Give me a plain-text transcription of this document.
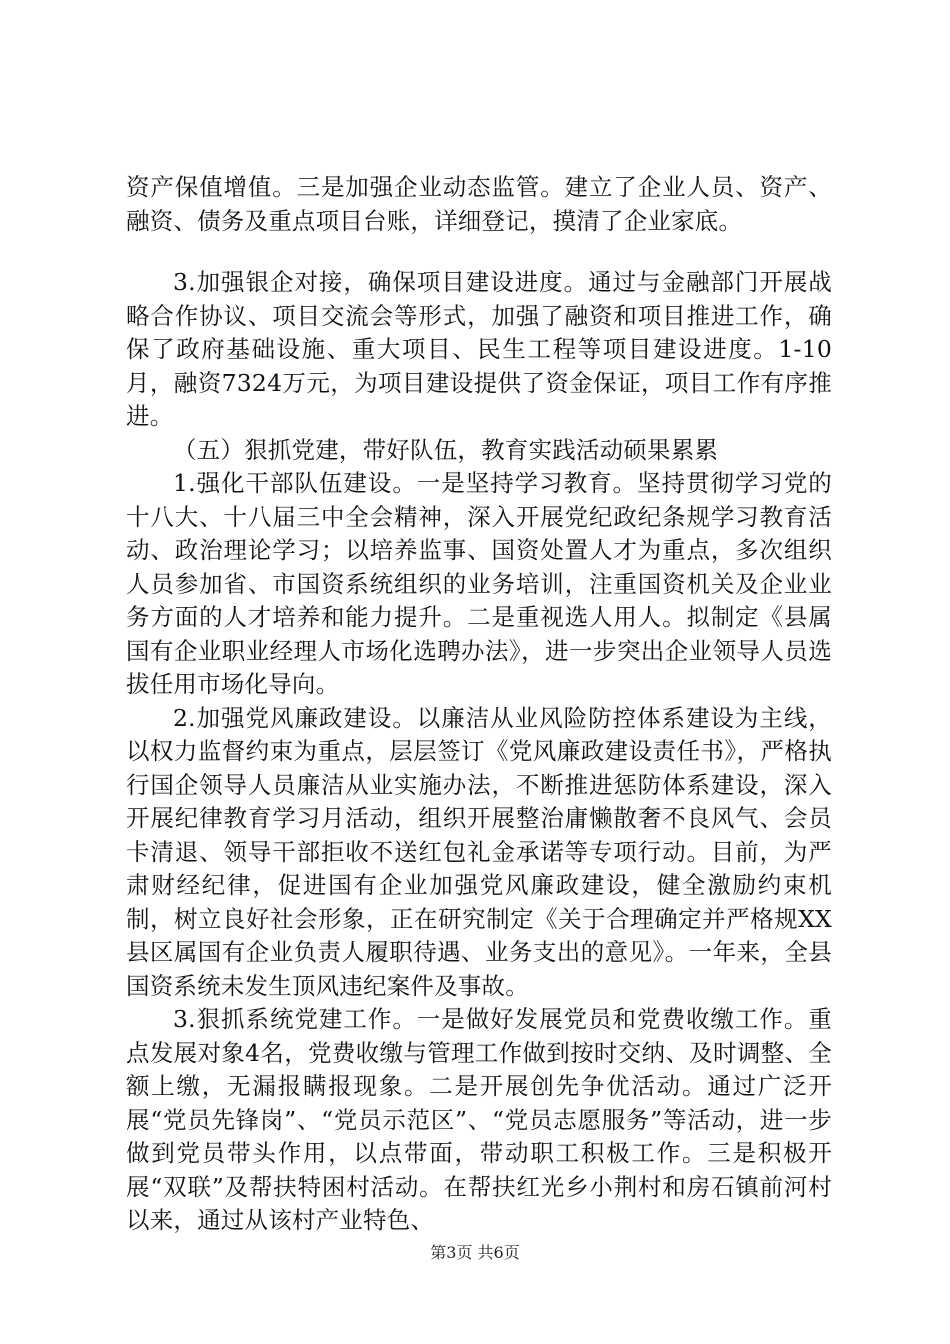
资产保值增值。三是加强企业动态监管。建立了企业人员、资产、融资、债务及重点项目台账，详细登记，摸清了企业家底。

3.加强银企对接，确保项目建设进度。通过与金融部门开展战略合作协议、项目交流会等形式，加强了融资和项目推进工作，确保了政府基础设施、重大项目、民生工程等项目建设进度。1-10月，融资7324万元，为项目建设提供了资金保证，项目工作有序推进。

（五）狠抓党建，带好队伍，教育实践活动硕果累累

1.强化干部队伍建设。一是坚持学习教育。坚持贯彻学习党的十八大、十八届三中全会精神，深入开展党纪政纪条规学习教育活动、政治理论学习；以培养监事、国资处置人才为重点，多次组织人员参加省、市国资系统组织的业务培训，注重国资机关及企业业务方面的人才培养和能力提升。二是重视选人用人。拟制定《县属国有企业职业经理人市场化选聘办法》，进一步突出企业领导人员选拔任用市场化导向。

2.加强党风廉政建设。以廉洁从业风险防控体系建设为主线，以权力监督约束为重点，层层签订《党风廉政建设责任书》，严格执行国企领导人员廉洁从业实施办法，不断推进惩防体系建设，深入开展纪律教育学习月活动，组织开展整治庸懒散奢不良风气、会员卡清退、领导干部拒收不送红包礼金承诺等专项行动。目前，为严肃财经纪律，促进国有企业加强党风廉政建设，健全激励约束机制，树立良好社会形象，正在研究制定《关于合理确定并严格规XX县区属国有企业负责人履职待遇、业务支出的意见》。一年来，全县国资系统未发生顶风违纪案件及事故。

3.狠抓系统党建工作。一是做好发展党员和党费收缴工作。重点发展对象4名，党费收缴与管理工作做到按时交纳、及时调整、全额上缴，无漏报瞒报现象。二是开展创先争优活动。通过广泛开展“党员先锋岗”、“党员示范区”、“党员志愿服务”等活动，进一步做到党员带头作用，以点带面，带动职工积极工作。三是积极开展“双联”及帮扶特困村活动。在帮扶红光乡小荆村和房石镇前河村以来，通过从该村产业特色、

第3页 共6页
